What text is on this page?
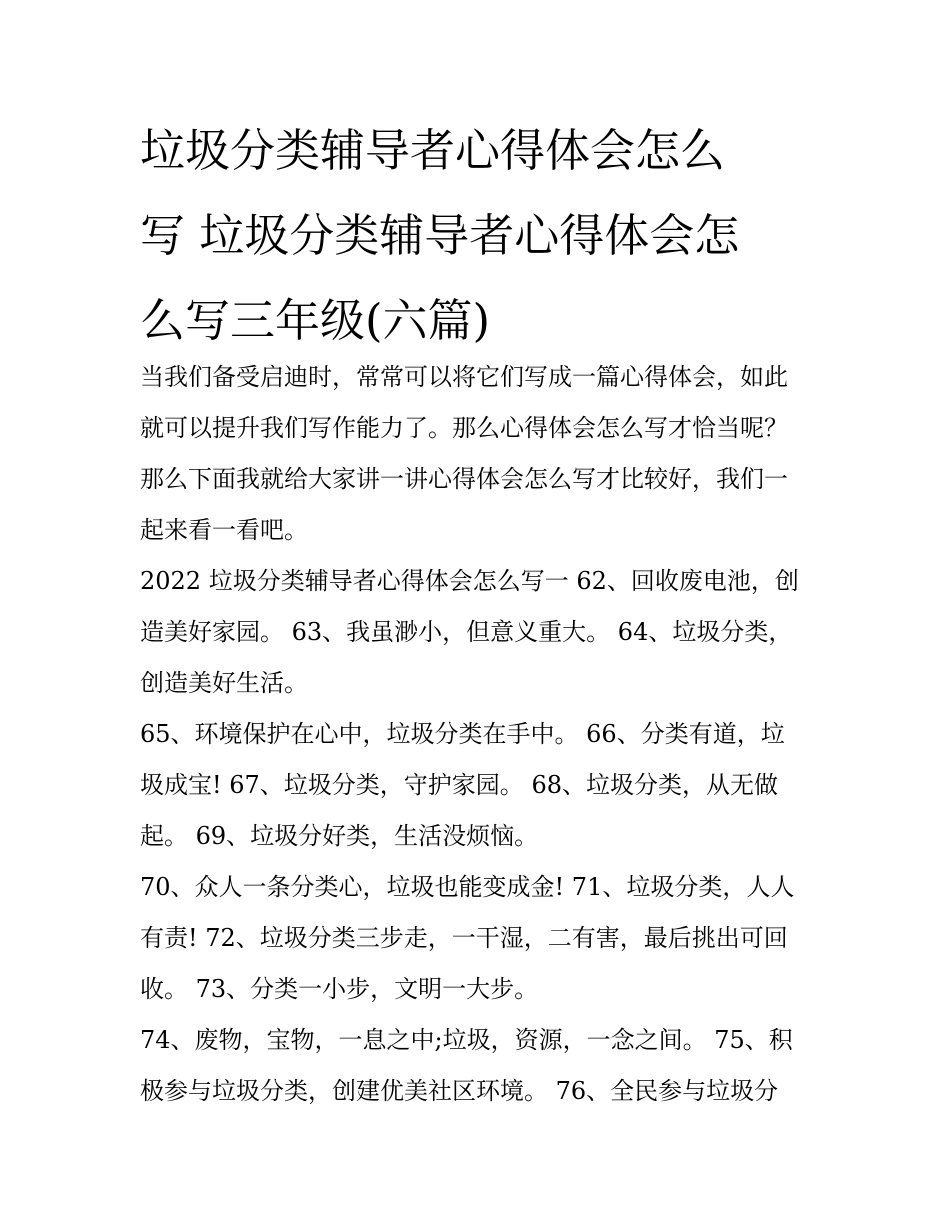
垃圾分类辅导者心得体会怎么
写 垃圾分类辅导者心得体会怎
么写三年级(六篇)
当我们备受启迪时，常常可以将它们写成一篇心得体会，如此
就可以提升我们写作能力了。那么心得体会怎么写才恰当呢？
那么下面我就给大家讲一讲心得体会怎么写才比较好，我们一
起来看一看吧。
2022 垃圾分类辅导者心得体会怎么写一 62、回收废电池，创
造美好家园。 63、我虽渺小，但意义重大。 64、垃圾分类，
创造美好生活。
65、环境保护在心中，垃圾分类在手中。 66、分类有道，垃
圾成宝! 67、垃圾分类，守护家园。 68、垃圾分类，从无做
起。 69、垃圾分好类，生活没烦恼。
70、众人一条分类心，垃圾也能变成金! 71、垃圾分类，人人
有责! 72、垃圾分类三步走，一干湿，二有害，最后挑出可回
收。 73、分类一小步，文明一大步。
74、废物，宝物，一息之中;垃圾，资源，一念之间。 75、积
极参与垃圾分类，创建优美社区环境。 76、全民参与垃圾分
